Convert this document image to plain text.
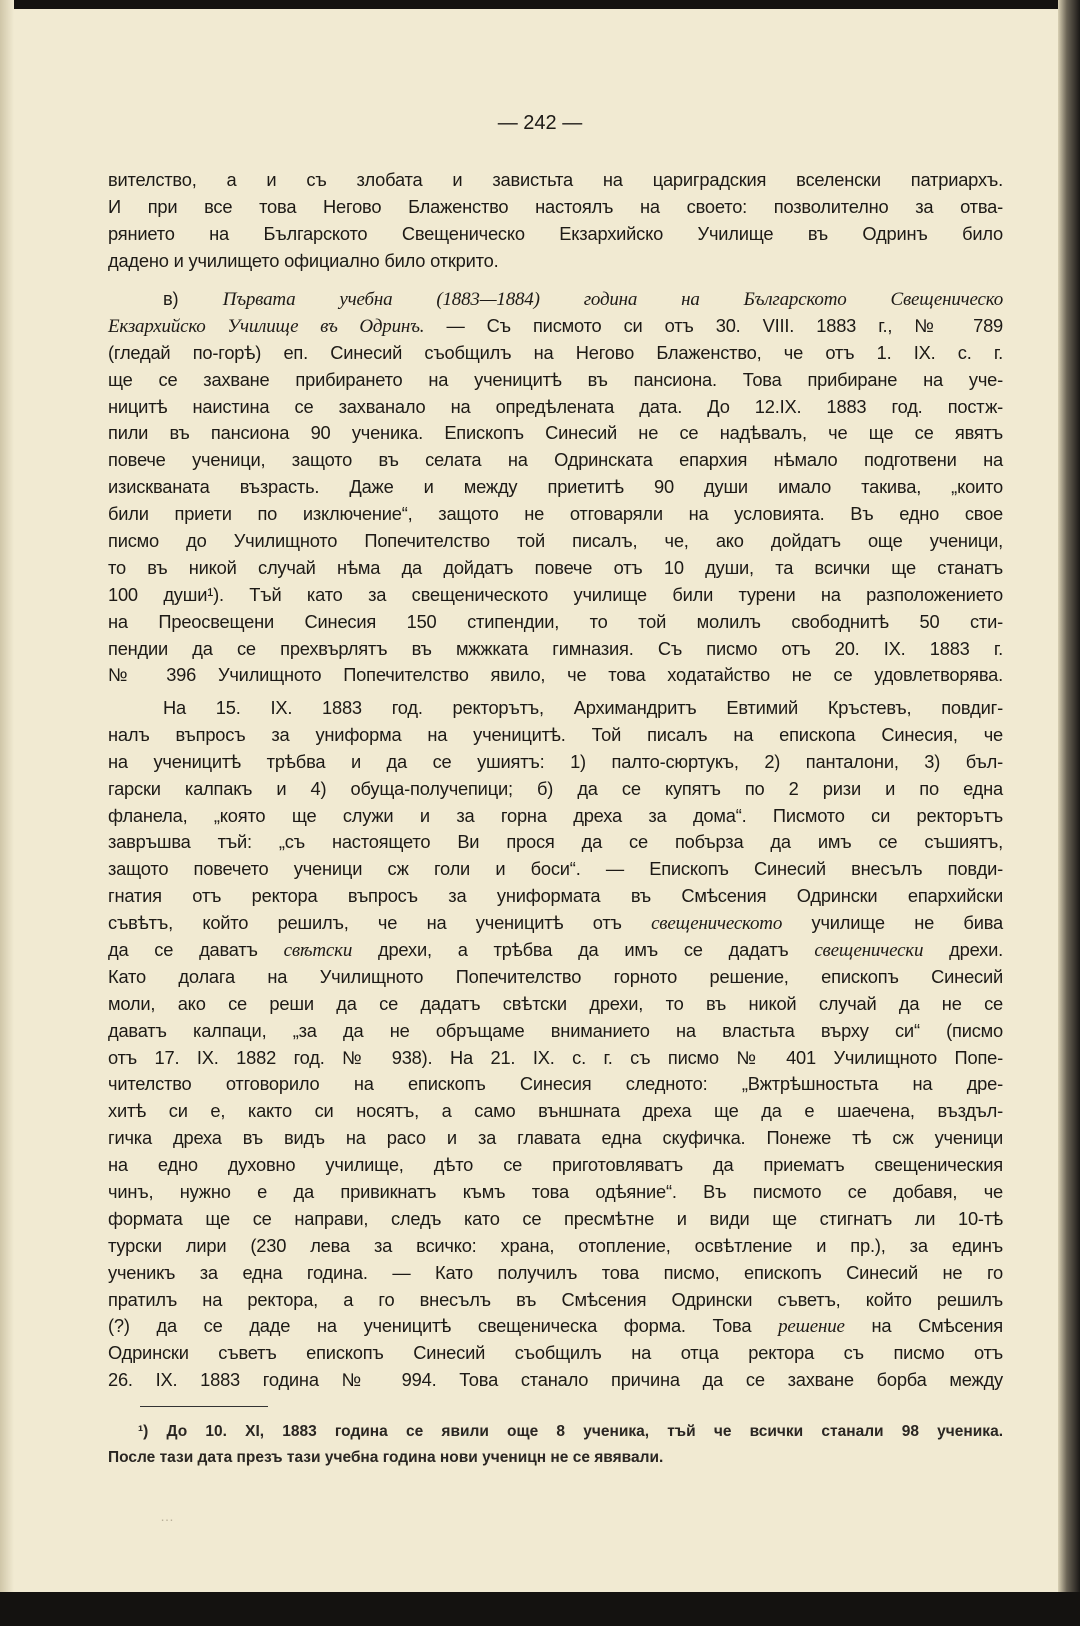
— 242 —
вителство, а и съ злобата и завистьта на цариградския вселенски патриархъ.
И при все това Негово Блаженство настоялъ на своето: позволително за отва-
рянието на Българското Свещеническо Екзархийско Училище въ Одринъ било
дадено и училището официално било открито.
в) Първата учебна (1883—1884) година на Българското Свещеническо
Екзархийско Училище въ Одринъ. — Съ писмото си отъ 30. VIII. 1883 г., № 789
(гледай по-горѣ) еп. Синесий съобщилъ на Негово Блаженство, че отъ 1. IX. с. г.
ще се захване прибирането на ученицитѣ въ пансиона. Това прибиране на уче-
ницитѣ наистина се захванало на опредѣлената дата. До 12.IX. 1883 год. постж-
пили въ пансиона 90 ученика. Епископъ Синесий не се надѣвалъ, че ще се явятъ
повече ученици, защото въ селата на Одринската епархия нѣмало подготвени на
изискваната възрасть. Даже и между приетитѣ 90 души имало такива, „които
били приети по изключение“, защото не отговаряли на условията. Въ едно свое
писмо до Училищното Попечителство той писалъ, че, ако дойдатъ още ученици,
то въ никой случай нѣма да дойдатъ повече отъ 10 души, та всички ще станатъ
100 души¹). Тъй като за свещеническото училище били турени на разположението
на Преосвещени Синесия 150 стипендии, то той молилъ свободнитѣ 50 сти-
пендии да се прехвърлятъ въ мжжката гимназия. Съ писмо отъ 20. IX. 1883 г.
№ 396 Училищното Попечителство явило, че това ходатайство не се удовлетворява.
На 15. IX. 1883 год. ректорътъ, Архимандритъ Евтимий Кръстевъ, повдиг-
налъ въпросъ за униформа на ученицитѣ. Той писалъ на епископа Синесия, че
на ученицитѣ трѣбва и да се ушиятъ: 1) палто-сюртукъ, 2) панталони, 3) бъл-
гарски калпакъ и 4) обуща-получепици; б) да се купятъ по 2 ризи и по една
фланела, „която ще служи и за горна дреха за дома“. Писмото си ректорътъ
завръшва тъй: „съ настоящето Ви прося да се побърза да имъ се съшиятъ,
защото повечето ученици сж голи и боси“. — Епископъ Синесий внесълъ повди-
гнатия отъ ректора въпросъ за униформата въ Смѣсения Одрински епархийски
съвѣтъ, който решилъ, че на ученицитѣ отъ свещеническото училище не бива
да се даватъ свѣтски дрехи, а трѣбва да имъ се дадатъ свещенически дрехи.
Като долага на Училищното Попечителство горното решение, епископъ Синесий
моли, ако се реши да се дадатъ свѣтски дрехи, то въ никой случай да не се
даватъ калпаци, „за да не обръщаме вниманието на властьта върху си“ (писмо
отъ 17. IX. 1882 год. № 938). На 21. IX. с. г. съ писмо № 401 Училищното Попе-
чителство отговорило на епископъ Синесия следното: „Вжтрѣшностьта на дре-
хитѣ си е, както си носятъ, а само външната дреха ще да е шаечена, въздъл-
гичка дреха въ видъ на расо и за главата една скуфичка. Понеже тѣ сж ученици
на едно духовно училище, дѣто се приготовляватъ да приематъ свещеническия
чинъ, нужно е да привикнатъ къмъ това одѣяние“. Въ писмото се добавя, че
формата ще се направи, следъ като се пресмѣтне и види ще стигнатъ ли 10-тѣ
турски лири (230 лева за всичко: храна, отопление, освѣтление и пр.), за единъ
ученикъ за една година. — Като получилъ това писмо, епископъ Синесий не го
пратилъ на ректора, а го внесълъ въ Смѣсения Одрински съветъ, който решилъ
(?) да се даде на ученицитѣ свещеническа форма. Това решение на Смѣсения
Одрински съветъ епископъ Синесий съобщилъ на отца ректора съ писмо отъ
26. IX. 1883 година № 994. Това станало причина да се захване борба между
¹) До 10. XI, 1883 година се явили още 8 ученика, тъй че всички станали 98 ученика.
После тази дата презъ тази учебна година нови ученицн не се явявали.
…
